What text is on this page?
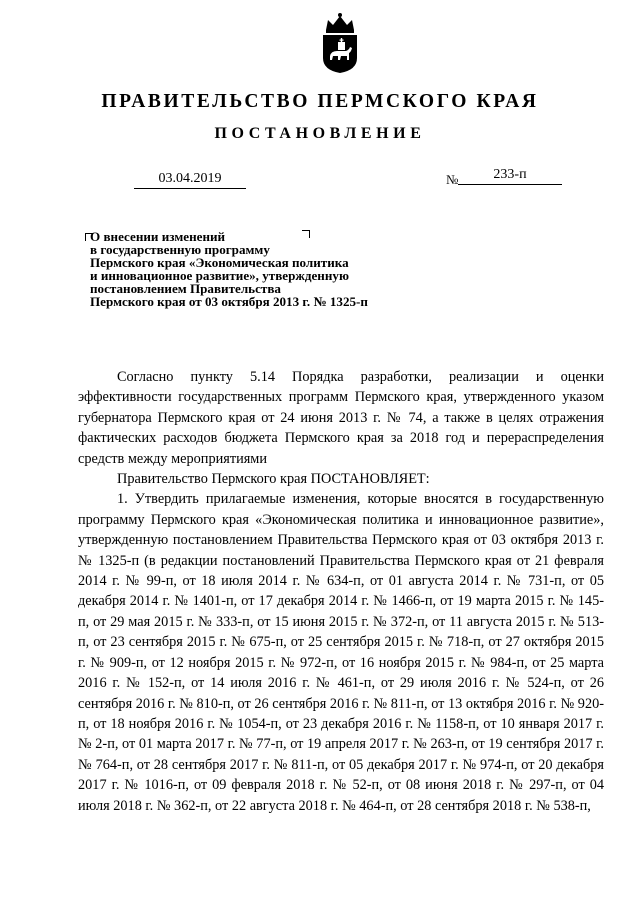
ПРАВИТЕЛЬСТВО ПЕРМСКОГО КРАЯ
ПОСТАНОВЛЕНИЕ
03.04.2019	№	233-п
О внесении изменений
в государственную программу
Пермского края «Экономическая политика
и инновационное развитие», утвержденную
постановлением Правительства
Пермского края от 03 октября 2013 г. № 1325-п

Согласно пункту 5.14 Порядка разработки, реализации и оценки эффективности государственных программ Пермского края, утвержденного указом губернатора Пермского края от 24 июня 2013 г. № 74, а также в целях отражения фактических расходов бюджета Пермского края за 2018 год и перераспределения средств между мероприятиями

Правительство Пермского края ПОСТАНОВЛЯЕТ:

1. Утвердить прилагаемые изменения, которые вносятся в государственную программу Пермского края «Экономическая политика и инновационное развитие», утвержденную постановлением Правительства Пермского края от 03 октября 2013 г. № 1325-п (в редакции постановлений Правительства Пермского края от 21 февраля 2014 г. № 99-п, от 18 июля 2014 г. № 634-п, от 01 августа 2014 г. № 731-п, от 05 декабря 2014 г. № 1401-п, от 17 декабря 2014 г. № 1466-п, от 19 марта 2015 г. № 145-п, от 29 мая 2015 г. № 333-п, от 15 июня 2015 г. № 372-п, от 11 августа 2015 г. № 513-п, от 23 сентября 2015 г. № 675-п, от 25 сентября 2015 г. № 718-п, от 27 октября 2015 г. № 909-п, от 12 ноября 2015 г. № 972-п, от 16 ноября 2015 г. № 984-п, от 25 марта 2016 г. № 152-п, от 14 июля 2016 г. № 461-п, от 29 июля 2016 г. № 524-п, от 26 сентября 2016 г. № 810-п, от 26 сентября 2016 г. № 811-п, от 13 октября 2016 г. № 920-п, от 18 ноября 2016 г. № 1054-п, от 23 декабря 2016 г. № 1158-п, от 10 января 2017 г. № 2-п, от 01 марта 2017 г. № 77-п, от 19 апреля 2017 г. № 263-п, от 19 сентября 2017 г. № 764-п, от 28 сентября 2017 г. № 811-п, от 05 декабря 2017 г. № 974-п, от 20 декабря 2017 г. № 1016-п, от 09 февраля 2018 г. № 52-п, от 08 июня 2018 г. № 297-п, от 04 июля 2018 г. № 362-п, от 22 августа 2018 г. № 464-п, от 28 сентября 2018 г. № 538-п,
